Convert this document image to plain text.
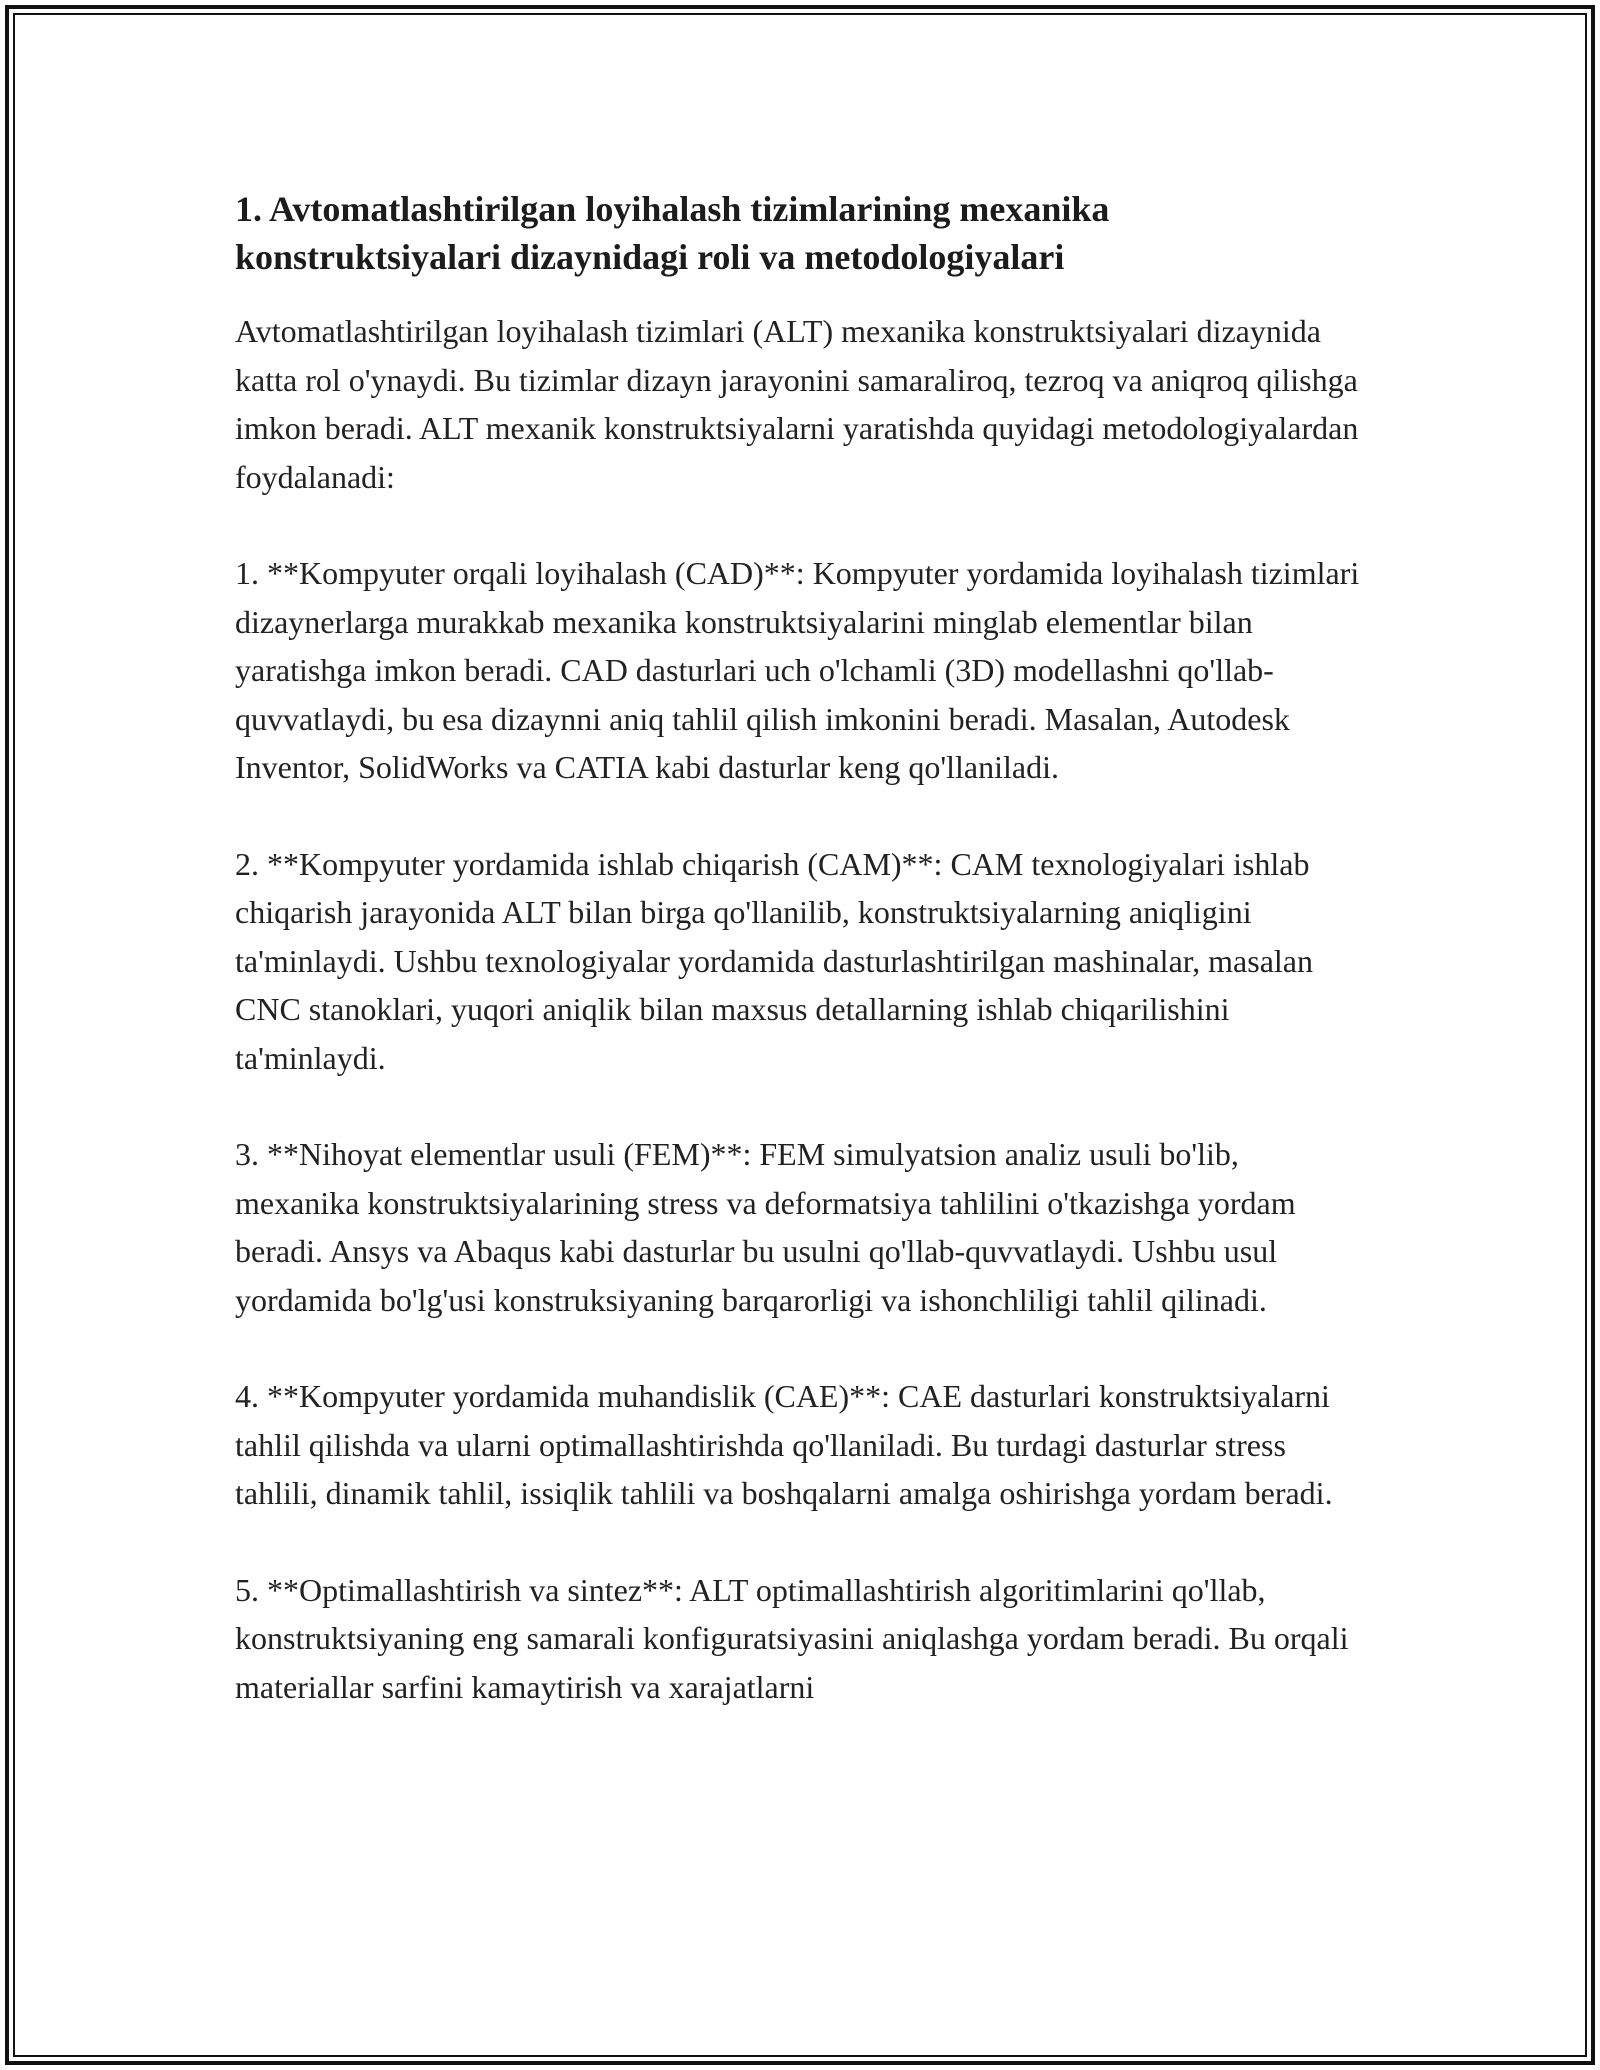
1. Avtomatlashtirilgan loyihalash tizimlarining mexanika konstruktsiyalari dizaynidagi roli va metodologiyalari

Avtomatlashtirilgan loyihalash tizimlari (ALT) mexanika konstruktsiyalari dizaynida katta rol o'ynaydi. Bu tizimlar dizayn jarayonini samaraliroq, tezroq va aniqroq qilishga imkon beradi. ALT mexanik konstruktsiyalarni yaratishda quyidagi metodologiyalardan foydalanadi:

1. **Kompyuter orqali loyihalash (CAD)**: Kompyuter yordamida loyihalash tizimlari dizaynerlarga murakkab mexanika konstruktsiyalarini minglab elementlar bilan yaratishga imkon beradi. CAD dasturlari uch o'lchamli (3D) modellashni qo'llab-quvvatlaydi, bu esa dizaynni aniq tahlil qilish imkonini beradi. Masalan, Autodesk Inventor, SolidWorks va CATIA kabi dasturlar keng qo'llaniladi.

2. **Kompyuter yordamida ishlab chiqarish (CAM)**: CAM texnologiyalari ishlab chiqarish jarayonida ALT bilan birga qo'llanilib, konstruktsiyalarning aniqligini ta'minlaydi. Ushbu texnologiyalar yordamida dasturlashtirilgan mashinalar, masalan CNC stanoklari, yuqori aniqlik bilan maxsus detallarning ishlab chiqarilishini ta'minlaydi.

3. **Nihoyat elementlar usuli (FEM)**: FEM simulyatsion analiz usuli bo'lib, mexanika konstruktsiyalarining stress va deformatsiya tahlilini o'tkazishga yordam beradi. Ansys va Abaqus kabi dasturlar bu usulni qo'llab-quvvatlaydi. Ushbu usul yordamida bo'lg'usi konstruksiyaning barqarorligi va ishonchliligi tahlil qilinadi.

4. **Kompyuter yordamida muhandislik (CAE)**: CAE dasturlari konstruktsiyalarni tahlil qilishda va ularni optimallashtirishda qo'llaniladi. Bu turdagi dasturlar stress tahlili, dinamik tahlil, issiqlik tahlili va boshqalarni amalga oshirishga yordam beradi.

5. **Optimallashtirish va sintez**: ALT optimallashtirish algoritimlarini qo'llab, konstruktsiyaning eng samarali konfiguratsiyasini aniqlashga yordam beradi. Bu orqali materiallar sarfini kamaytirish va xarajatlarni
